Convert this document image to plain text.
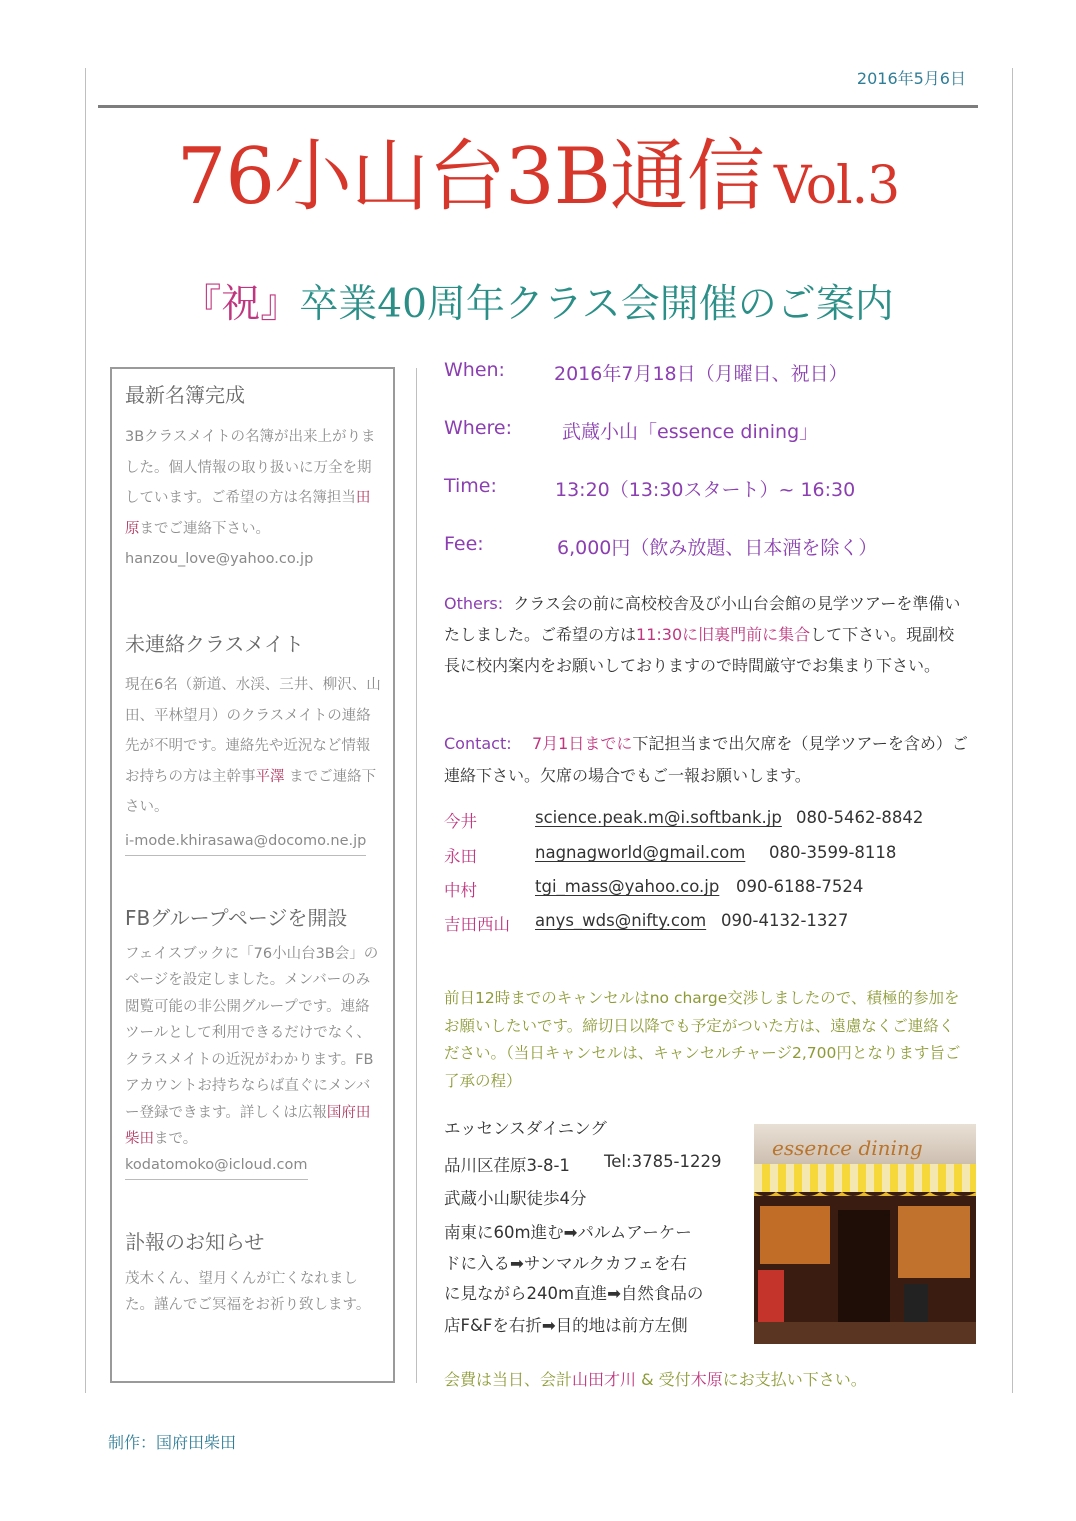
2016年5月6日
76小山台3B通信 Vol.3
『祝』卒業40周年クラス会開催のご案内

最新名簿完成

3Bクラスメイトの名簿が出来上がりました。個人情報の取り扱いに万全を期しています。ご希望の方は名簿担当田原までご連絡下さい。

hanzou_love@yahoo.co.jp

未連絡クラスメイト

現在6名（新道、水渓、三井、柳沢、山田、平林望月）のクラスメイトの連絡先が不明です。連絡先や近況など情報お持ちの方は主幹事平澤 までご連絡下さい。

i-mode.khirasawa@docomo.ne.jp

FBグループページを開設

フェイスブックに「76小山台3B会」のページを設定しました。メンバーのみ閲覧可能の非公開グループです。連絡ツールとして利用できるだけでなく、クラスメイトの近況がわかります。FBアカウントお持ちならば直ぐにメンバー登録できます。詳しくは広報国府田柴田まで。

kodatomoko@icloud.com

訃報のお知らせ

茂木くん、望月くんが亡くなれました。謹んでご冥福をお祈り致します。

When:	2016年7月18日（月曜日、祝日）
Where:	武蔵小山「essence dining」
Time:	13:20（13:30スタート）~ 16:30
Fee:	6,000円（飲み放題、日本酒を除く）

Others: クラス会の前に高校校舎及び小山台会館の見学ツアーを準備いたしました。ご希望の方は11:30に旧裏門前に集合して下さい。現副校長に校内案内をお願いしておりますので時間厳守でお集まり下さい。

Contact: 7月1日までに下記担当まで出欠席を（見学ツアーを含め）ご連絡下さい。欠席の場合でもご一報お願いします。

今井	science.peak.m@i.softbank.jp 080-5462-8842
永田	nagnagworld@gmail.com 080-3599-8118
中村	tgi_mass@yahoo.co.jp 090-6188-7524
吉田西山 anys_wds@nifty.com 090-4132-1327

前日12時までのキャンセルはno charge交渉しましたので、積極的参加をお願いしたいです。締切日以降でも予定がついた方は、遠慮なくご連絡ください。（当日キャンセルは、キャンセルチャージ2,700円となります旨ご了承の程）

エッセンスダイニング
品川区荏原3-8-1 Tel:3785-1229
武蔵小山駅徒歩4分
南東に60m進む➡パルムアーケー
ドに入る➡サンマルクカフェを右
に見ながら240m直進➡自然食品の
店F&Fを右折➡目的地は前方左側

会費は当日、会計山田才川 & 受付木原にお支払い下さい。

essence dining
制作：国府田柴田
